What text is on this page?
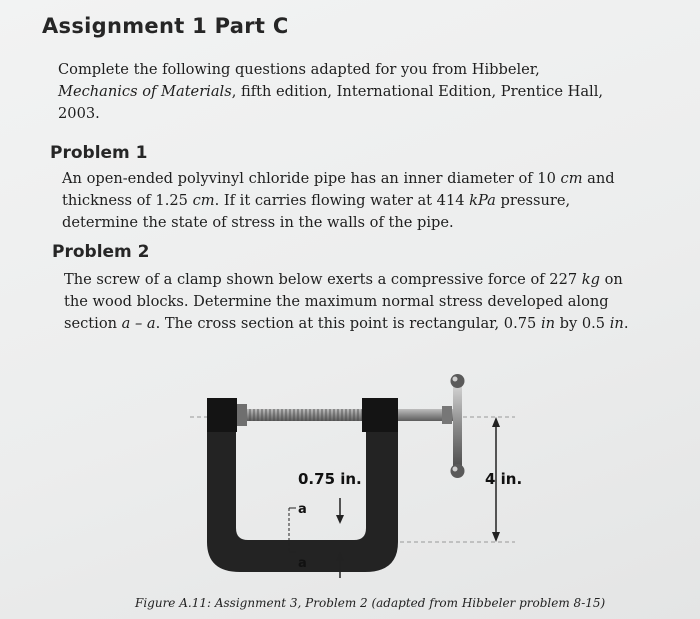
Assignment 1 Part C

Complete the following questions adapted for you from Hibbeler,
Mechanics of Materials, fifth edition, International Edition, Prentice Hall,
2003.

Problem 1

An open-ended polyvinyl chloride pipe has an inner diameter of 10 cm and
thickness of 1.25 cm. If it carries flowing water at 414 kPa pressure,
determine the state of stress in the walls of the pipe.

Problem 2

The screw of a clamp shown below exerts a compressive force of 227 kg on
the wood blocks. Determine the maximum normal stress developed along
section a – a. The cross section at this point is rectangular, 0.75 in by 0.5 in.

4 in.
0.75 in.
a
a
Figure A.11: Assignment 3, Problem 2 (adapted from Hibbeler problem 8-15)
